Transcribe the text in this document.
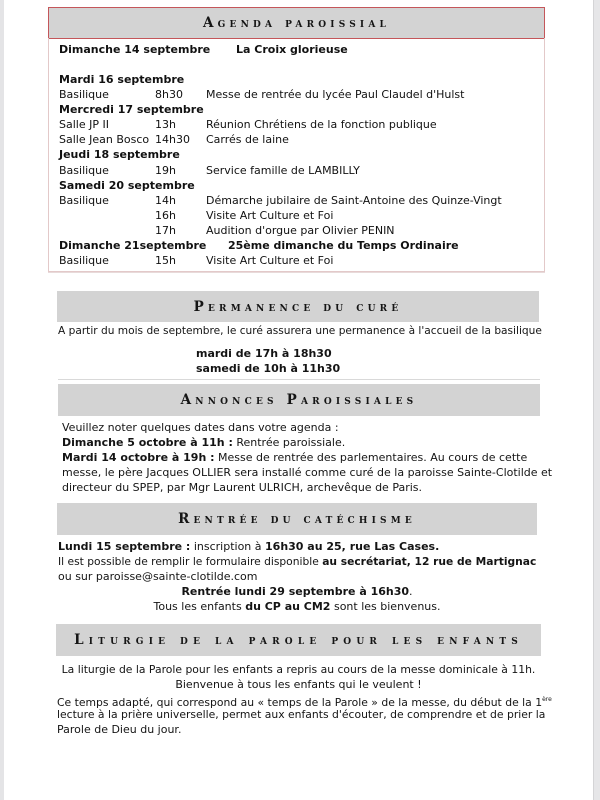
Agenda paroissial
Dimanche 14 septembre La Croix glorieuse
Mardi 16 septembre
Basilique	8h30 Messe de rentrée du lycée Paul Claudel d'Hulst
Mercredi 17 septembre
Salle JP II	13h	Réunion Chrétiens de la fonction publique
Salle Jean Bosco 14h30 Carrés de laine
Jeudi 18 septembre
Basilique	19h	Service famille de LAMBILLY
Samedi 20 septembre
Basilique	14h	Démarche jubilaire de Saint-Antoine des Quinze-Vingt
16h	Visite Art Culture et Foi
17h	Audition d'orgue par Olivier PENIN
Dimanche 21septembre 25ème dimanche du Temps Ordinaire
Basilique	15h	Visite Art Culture et Foi
Permanence du curé
A partir du mois de septembre, le curé assurera une permanence à l'accueil de la basilique
mardi de 17h à 18h30
samedi de 10h à 11h30
Annonces Paroissiales
Veuillez noter quelques dates dans votre agenda :
Dimanche 5 octobre à 11h : Rentrée paroissiale.
Mardi 14 octobre à 19h : Messe de rentrée des parlementaires. Au cours de cette
messe, le père Jacques OLLIER sera installé comme curé de la paroisse Sainte-Clotilde et
directeur du SPEP, par Mgr Laurent ULRICH, archevêque de Paris.
Rentrée du catéchisme
Lundi 15 septembre : inscription à 16h30 au 25, rue Las Cases.
Il est possible de remplir le formulaire disponible au secrétariat, 12 rue de Martignac
ou sur paroisse@sainte-clotilde.com
Rentrée lundi 29 septembre à 16h30.
Tous les enfants du CP au CM2 sont les bienvenus.
Liturgie de la parole pour les enfants
La liturgie de la Parole pour les enfants a repris au cours de la messe dominicale à 11h.
Bienvenue à tous les enfants qui le veulent !
Ce temps adapté, qui correspond au « temps de la Parole » de la messe, du début de la 1ère
lecture à la prière universelle, permet aux enfants d'écouter, de comprendre et de prier la
Parole de Dieu du jour.
